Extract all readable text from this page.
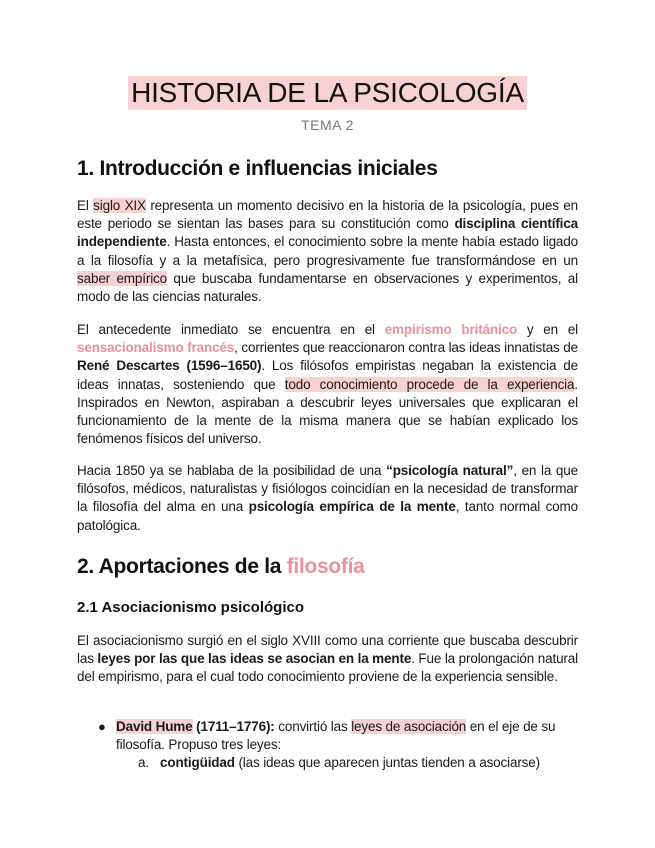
HISTORIA DE LA PSICOLOGÍA
TEMA 2
1. Introducción e influencias iniciales

El siglo XIX representa un momento decisivo en la historia de la psicología, pues en este periodo se sientan las bases para su constitución como disciplina científica independiente. Hasta entonces, el conocimiento sobre la mente había estado ligado a la filosofía y a la metafísica, pero progresivamente fue transformándose en un saber empírico que buscaba fundamentarse en observaciones y experimentos, al modo de las ciencias naturales.

El antecedente inmediato se encuentra en el empirismo británico y en el sensacionalismo francés, corrientes que reaccionaron contra las ideas innatistas de René Descartes (1596–1650). Los filósofos empiristas negaban la existencia de ideas innatas, sosteniendo que todo conocimiento procede de la experiencia. Inspirados en Newton, aspiraban a descubrir leyes universales que explicaran el funcionamiento de la mente de la misma manera que se habían explicado los fenómenos físicos del universo.

Hacia 1850 ya se hablaba de la posibilidad de una “psicología natural”, en la que filósofos, médicos, naturalistas y fisiólogos coincidían en la necesidad de transformar la filosofía del alma en una psicología empírica de la mente, tanto normal como patológica.

2. Aportaciones de la filosofía
2.1 Asociacionismo psicológico

El asociacionismo surgió en el siglo XVIII como una corriente que buscaba descubrir las leyes por las que las ideas se asocian en la mente. Fue la prolongación natural del empirismo, para el cual todo conocimiento proviene de la experiencia sensible.

● David Hume (1711–1776): convirtió las leyes de asociación en el eje de su filosofía. Propuso tres leyes:
a. contigüidad (las ideas que aparecen juntas tienden a asociarse)
